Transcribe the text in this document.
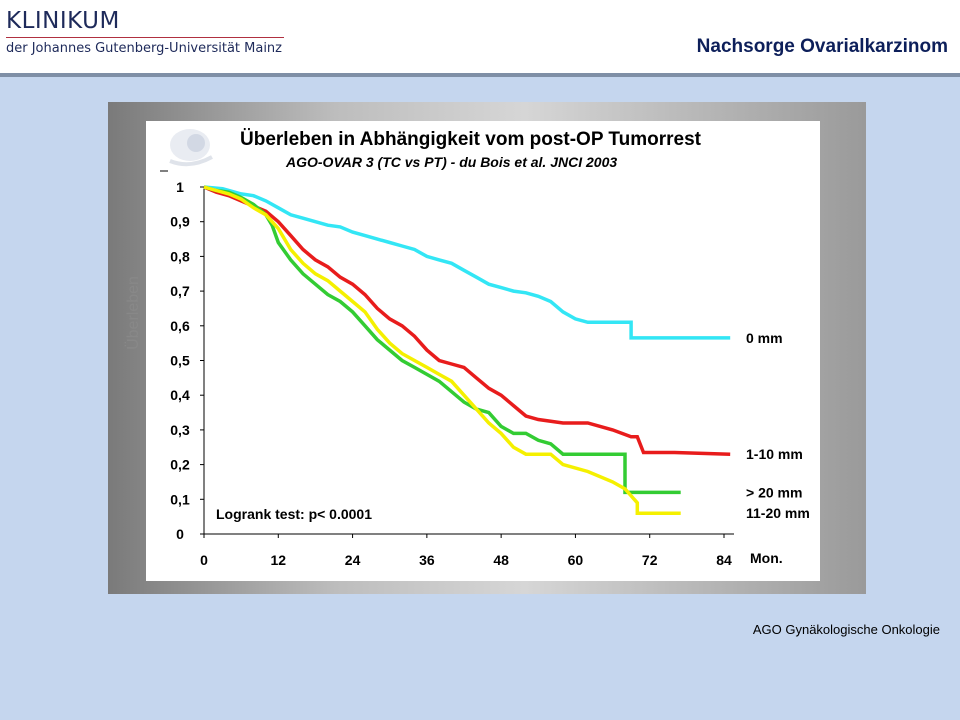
KLINIKUM
der Johannes Gutenberg-Universität Mainz	Nachsorge Ovarialkarzinom
Überleben in Abhängigkeit vom post-OP Tumorrest
AGO-OVAR 3 (TC vs PT) - du Bois et al. JNCI 2003
Überleben
0
0,1
0,2
0,3
0,4
0,5
0,6
0,7
0,8
0,9
1
0	12	24	36	48	60	72	84
0 mm
1-10 mm
> 20 mm
11-20 mm
Mon.
Logrank test: p< 0.0001
AGO Gynäkologische Onkologie
